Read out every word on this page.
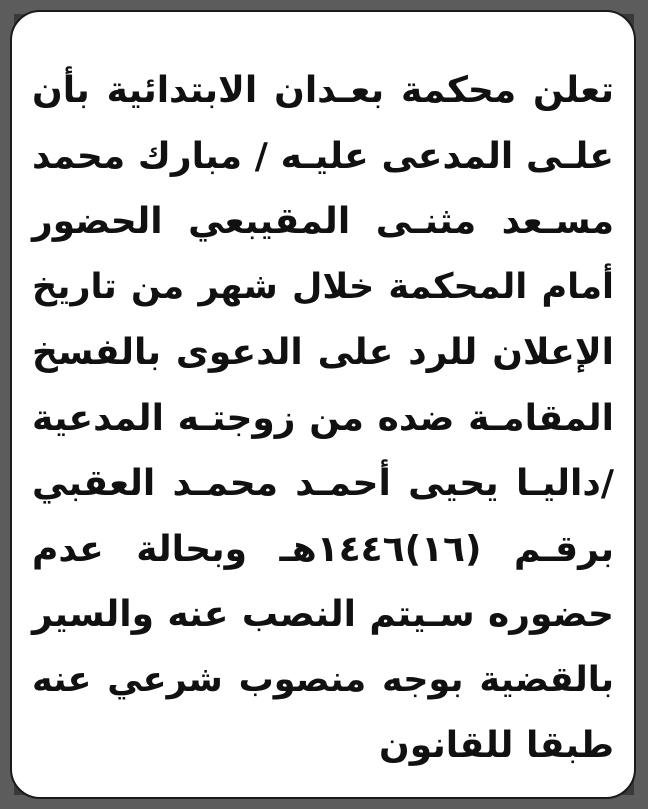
تعلن محكمة بعـدان الابتدائية بأن
علـى المدعى عليـه / مبارك محمد
مسـعد مثنـى المقيبعي الحضور
أمام المحكمة خلال شهر من تاريخ
الإعلان للرد على الدعوى بالفسخ
المقامـة ضده من زوجتـه المدعية
/داليـا يحيى أحمـد محمـد العقبي
برقـم (١٦)١٤٤٦هـ وبحالة عدم
حضوره سـيتم النصب عنه والسير
بالقضية بوجه منصوب شرعي عنه
طبقا للقانون
